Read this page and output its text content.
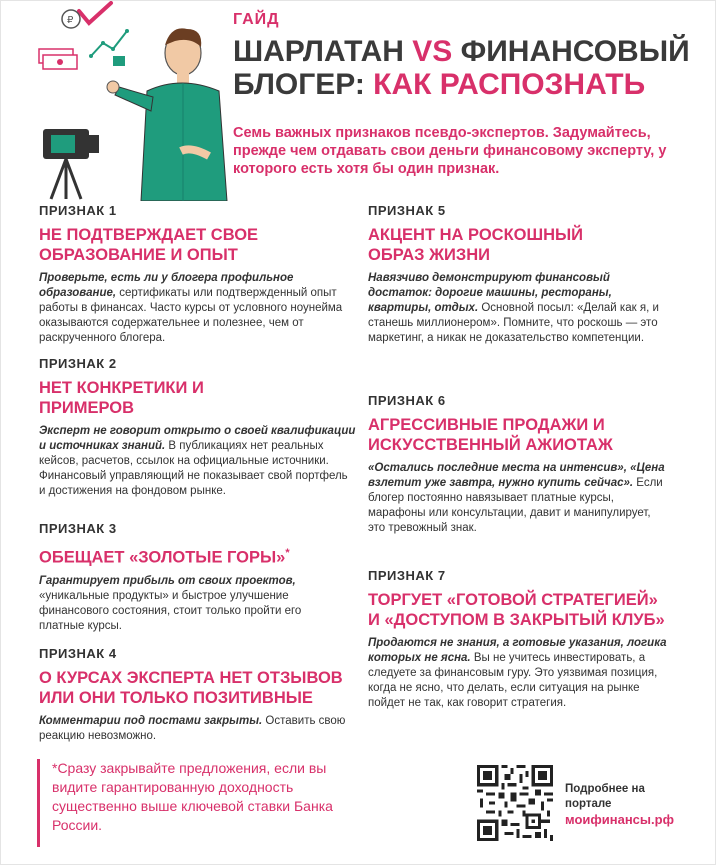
₽	ГАЙД
ШАРЛАТАН VS ФИНАНСОВЫЙ БЛОГЕР: КАК РАСПОЗНАТЬ
Семь важных признаков псевдо-экспертов. Задумайтесь, прежде чем отдавать свои деньги финансовому эксперту, у которого есть хотя бы один признак.
ПРИЗНАК 1
НЕ ПОДТВЕРЖДАЕТ СВОЕ ОБРАЗОВАНИЕ И ОПЫТ
Проверьте, есть ли у блогера профильное образование, сертификаты или подтвержденный опыт работы в финансах. Часто курсы от условного ноунейма оказываются содержательнее и полезнее, чем от раскрученного блогера.
ПРИЗНАК 2
НЕТ КОНКРЕТИКИ И ПРИМЕРОВ
Эксперт не говорит открыто о своей квалификации и источниках знаний. В публикациях нет реальных кейсов, расчетов, ссылок на официальные источники. Финансовый управляющий не показывает свой портфель и достижения на фондовом рынке.
ПРИЗНАК 3
ОБЕЩАЕТ «ЗОЛОТЫЕ ГОРЫ»*
Гарантирует прибыль от своих проектов, «уникальные продукты» и быстрое улучшение финансового состояния, стоит только пройти его платные курсы.
ПРИЗНАК 4
О КУРСАХ ЭКСПЕРТА НЕТ ОТЗЫВОВ ИЛИ ОНИ ТОЛЬКО ПОЗИТИВНЫЕ
Комментарии под постами закрыты. Оставить свою реакцию невозможно.
ПРИЗНАК 5
АКЦЕНТ НА РОСКОШНЫЙ ОБРАЗ ЖИЗНИ
Навязчиво демонстрируют финансовый достаток: дорогие машины, рестораны, квартиры, отдых. Основной посыл: «Делай как я, и станешь миллионером». Помните, что роскошь — это маркетинг, а никак не доказательство компетенции.
ПРИЗНАК 6
АГРЕССИВНЫЕ ПРОДАЖИ И ИСКУССТВЕННЫЙ АЖИОТАЖ
«Остались последние места на интенсив», «Цена взлетит уже завтра, нужно купить сейчас». Если блогер постоянно навязывает платные курсы, марафоны или консультации, давит и манипулирует, это тревожный знак.
ПРИЗНАК 7
ТОРГУЕТ «ГОТОВОЙ СТРАТЕГИЕЙ» И «ДОСТУПОМ В ЗАКРЫТЫЙ КЛУБ»
Продаются не знания, а готовые указания, логика которых не ясна. Вы не учитесь инвестировать, а следуете за финансовым гуру. Это уязвимая позиция, когда не ясно, что делать, если ситуация на рынке пойдет не так, как говорит стратегия.
*Сразу закрывайте предложения, если вы видите гарантированную доходность существенно выше ключевой ставки Банка России.
Подробнее на портале
моифинансы.рф
